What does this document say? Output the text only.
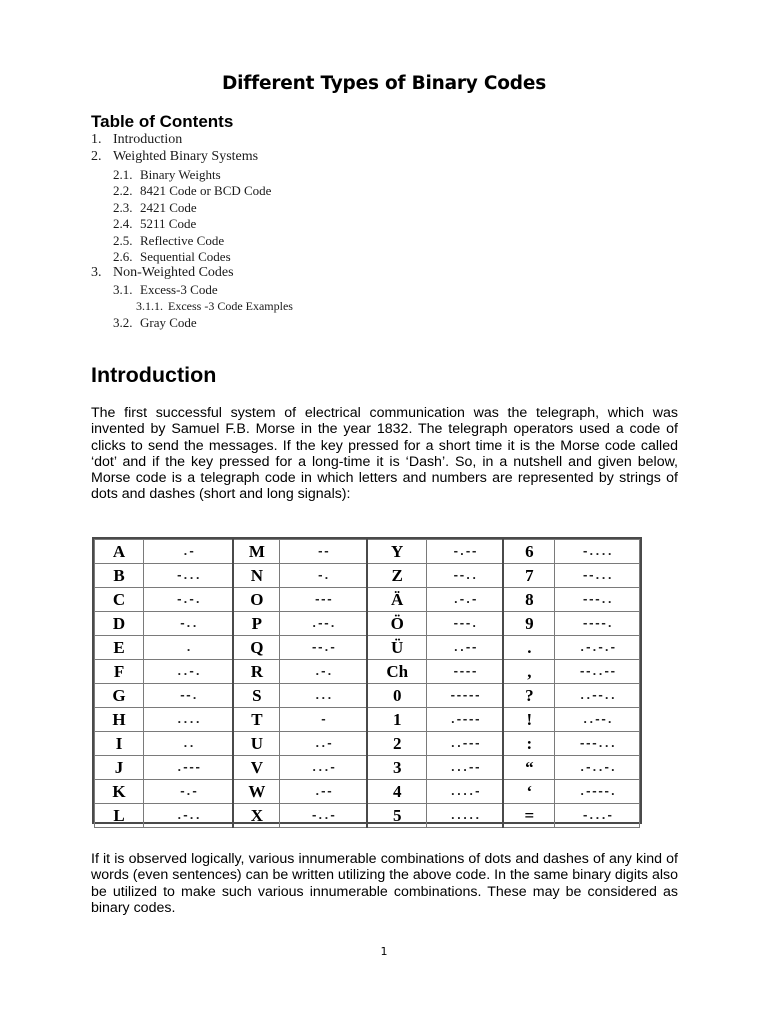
Different Types of Binary Codes
Table of Contents
1. Introduction
2. Weighted Binary Systems
2.1. Binary Weights
2.2. 8421 Code or BCD Code
2.3. 2421 Code
2.4. 5211 Code
2.5. Reflective Code
2.6. Sequential Codes
3. Non-Weighted Codes
3.1. Excess-3 Code
3.1.1. Excess -3 Code Examples
3.2. Gray Code
Introduction

The first successful system of electrical communication was the telegraph, which was invented by Samuel F.B. Morse in the year 1832. The telegraph operators used a code of clicks to send the messages. If the key pressed for a short time it is the Morse code called ‘dot’ and if the key pressed for a long-time it is ‘Dash’. So, in a nutshell and given below, Morse code is a telegraph code in which letters and numbers are represented by strings of dots and dashes (short and long signals):

A	.-	M	--	Y	-.--	6	-....
B	-...	N	-.	Z	--..	7	--...
C	-.-.	O	---	Ä	.-.-	8	---..
D	-..	P	.--.	Ö	---.	9	----.
E	.	Q	--.-	Ü	..--	.	.-.-.-
F	..-.	R	.-.	Ch	----	,	--..--
G	--.	S	...	0	-----	?	..--..
H	....	T	-	1	.----	!	..--.
I	..	U	..-	2	..---	:	---...
J	.---	V	...-	3	...--	“	.-..-.
K	-.-	W	.--	4	....-	‘	.----.
L	.-..	X	-..-	5	.....	=	-...-

If it is observed logically, various innumerable combinations of dots and dashes of any kind of words (even sentences) can be written utilizing the above code. In the same binary digits also be utilized to make such various innumerable combinations. These may be considered as binary codes.

1
